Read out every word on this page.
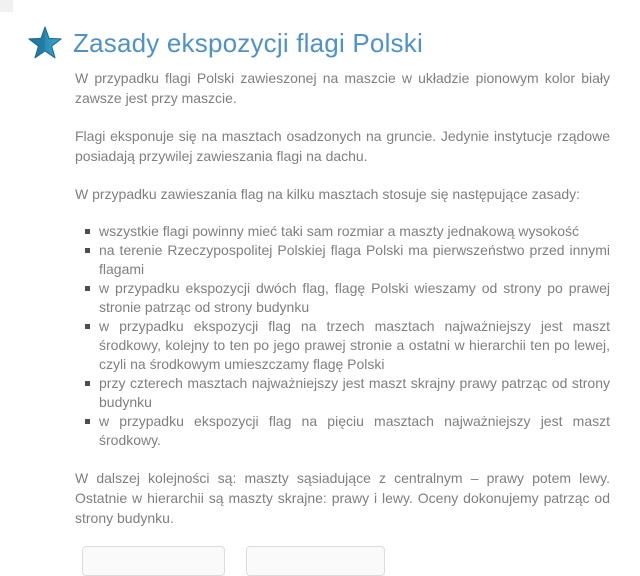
Zasady ekspozycji flagi Polski

W przypadku flagi Polski zawieszonej na maszcie w układzie pionowym kolor biały zawsze jest przy maszcie.

Flagi eksponuje się na masztach osadzonych na gruncie. Jedynie instytucje rządowe posiadają przywilej zawieszania flagi na dachu.

W przypadku zawieszania flag na kilku masztach stosuje się następujące zasady:

wszystkie flagi powinny mieć taki sam rozmiar a maszty jednakową wysokość
na terenie Rzeczypospolitej Polskiej flaga Polski ma pierwszeństwo przed innymi flagami
w przypadku ekspozycji dwóch flag, flagę Polski wieszamy od strony po prawej stronie patrząc od strony budynku
w przypadku ekspozycji flag na trzech masztach najważniejszy jest maszt środkowy, kolejny to ten po jego prawej stronie a ostatni w hierarchii ten po lewej, czyli na środkowym umieszczamy flagę Polski
przy czterech masztach najważniejszy jest maszt skrajny prawy patrząc od strony budynku
w przypadku ekspozycji flag na pięciu masztach najważniejszy jest maszt środkowy.

W dalszej kolejności są: maszty sąsiadujące z centralnym – prawy potem lewy. Ostatnie w hierarchii są maszty skrajne: prawy i lewy. Oceny dokonujemy patrząc od strony budynku.
